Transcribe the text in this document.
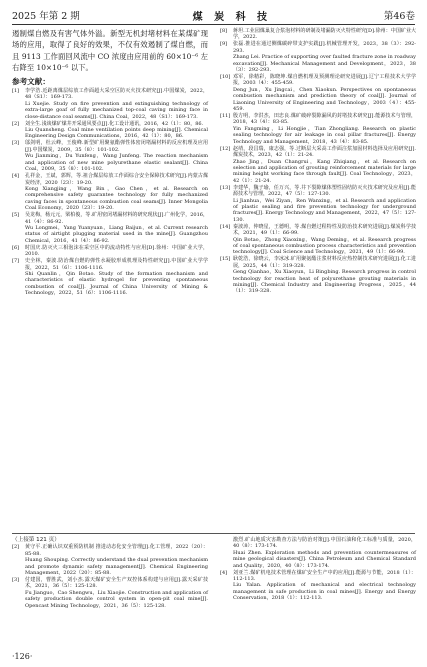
2025 年第 2 期	煤 炭 科 技	第46卷

遏制煤自燃及有害气体外溢。新型无机封堵材料在某煤矿现场的应用，取得了良好的效果，不仅有效遏制了煤自燃，而且 9113 工作面回风流中 CO 浓度由应用前的 60×10⁻⁶ 左右降至 10×10⁻⁶ 以下。

参考文献：
[1]	李学浩.近距离煤层综放工作面超大采空区防灭火技术研究[J].中国煤炭，2022，48（S1）：169-173.
Li Xuejie. Study on fire prevention and extinguishing technology of extra-large goaf of fully mechanized top-coal caving mining face in close-distance coal seams[J]. China Coal，2022，48（S1）：169-173.
[2]	刘全生.浅谈煤矿煤井开采通风要点[J].化工设计通讯，2016，42（1）：80，86.
Liu Quansheng. Coal mine ventilation points deep mining[J]. Chemical Engineering Design Communications，2016，42（1）：80，86.
[3]	邬剑明，杜云峰，王俊峰.新型矿用聚氨酯弹性体密闭堵漏材料的反应机理及应用[J].中国煤炭，2009，35（8）：101-102.
Wu Jianming，Du Yunfeng，Wang Junfeng. The reaction mechanism and application of new mine polyurethane elastic sealant[J]. China Coal，2009，35（8）：101-102.
[4]	孔祥金，王斌，郭辉，等.祖合煤层综放工作面综合安全保障技术研究[J].内蒙古煤炭经济，2020（23）：19-20.
Kong Xiangjing，Wang Bin，Gao Chen，et al. Research on comprehensive safety guarantee technology for fully mechanized caving faces in spontaneous combustion coal seams[J]. Inner Mongolia Coal Economy，2020（23）：19-20.
[5]	吴龙梅，杨元元，梁柏俊，等.矿用密闭堵漏材料的研究现状[J].广州化学，2016，41（4）：86-92.
Wu Longmei，Yang Yuanyuan，Liang Baijun，et al. Current research status of airtight plugging material used in the mine[J]. Guangzhou Chemical，2016，41（4）：86-92.
[6]	时国庆.防灭火三相泡沫在采空区中的流动特性与应用[D].徐州：中国矿业大学，2010.
[7]	史全林，秦波.防治煤自燃的弹性水凝胶形成机理及特性研究[J].中国矿业大学学报，2022，51（6）：1106-1116.
Shi Quanlin，Qin Botao. Study of the formation mechanism and characteristics of elastic hydrogel for preventing spontaneous combustion of coal[J]. Journal of China University of Mining & Technology，2022，51（6）：1106-1116.
[8]	蒋坦.工业园煤巢复合浆泡材料的研制及堵漏防灭火特性研究[D].徐州：中国矿业大学，2022.
[9]	张磊.推进在通过侧煤碳碎带支护实践[J].机械管理开发，2023，38（3）：292-293.
Zhang Lei. Practice of supporting over faulted fracture zone in roadway excavation[J]. Mechanical Management and Development，2023，38（3）：292-293.
[10] 邓军，徐精彩，陈晓坤.煤自燃机理及预测理论研究进展[J].辽宁工程技术大学学报，2003（4）：455-459.
Deng Jun，Xu Jingcai，Chen Xiaokun. Perspectives on spontaneous combustion mechanism and prediction theory of coal[J]. Journal of Liaoning University of Engineering and Technology，2003（4）：455-459.
[11] 殷方明，李洪杰，田忠良.煤矿破碎裂隙漏风的封堵技术研究[J].能源技术与管理，2018，43（4）：83-85.
Yin Fangming，Li Hongjie，Tian Zhongliang. Research on plastic sealing technology for air leakage in coal pillar fractures[J]. Energy Technology and Management，2018，43（4）：83-85.
[12] 赵靖，段昌瑞，康志强，等.过断层大采高工作面注浆加固材料选择及应用研究[J].煤炭技术，2023，42（1）：21-24.
Zhao Jing，Duan Changrui，Kang Zhiqiang，et al. Research on selection and application of grouting reinforcement materials for large mining height working face through fault[J]. Coal Technology，2023，42（1）：21-24.
[13] 李建华，魏子瑜，任万兴，等.井下裂隙煤体塑性固结防灭火技术研究及应用[J].能源技术与管理，2022，47（5）：127-130.
Li Jianhua，Wei Ziyan，Ren Wanxing，et al. Research and application of plastic sealing and fire prevention technology for underground fractures[J]. Energy Technology and Management，2022，47（5）：127-130.
[14] 秦波涛，仲晓星，王德明，等.煤自燃过程特性及防治技术研究进展[J].煤炭科学技术，2021，49（1）：66-99.
Qin Botao，Zhong Xiaoxing，Wang Deming，et al. Research progress of coal spontaneous combustion process characteristics and prevention technology[J]. Coal Science and Technology，2021，49（1）：66-99.
[15] 耿乾浩，徐晓云，李冰冰.矿用聚氨酯注浆材料反应热控制技术研究进展[J].化工进展，2025，44（1）：319-328.
Geng Qianhao，Xu Xiaoyun，Li Bingbing. Research progress in control technology for reaction heat of polyurethane grouting materials in mining[J]. Chemical Industry and Engineering Progress，2025，44（1）：319-328.
（上接第 121 页）
[2]	黄守平.正确认识双重预防机制 推进动态化安全管理[J].化工管理，2022（20）：85-88.
Huang Shouping. Correctly understand the dual prevention mechanism and promote dynamic safety management[J]. Chemical Engineering Management，2022（20）：85-88.
[3]	付建国，曹胜武，刘小杰.露天煤矿安全生产双控体系构建与应用[J].露天采矿技术，2021，36（5）：125-128.
Fu Jianguo，Cao Shengwu，Liu Xiaojie. Construction and application of safety production double control system in open-pit coal mine[J]. Opencast Mining Technology，2021，36（5）：125-128.
激烈.矿山地质灾害勘查方法与防治对策[J].中国石油和化工标准与质量，2020，40（8）：173-174.
Huai Zhen. Exploration methods and prevention countermeasures of mine geological disasters[J]. China Petroleum and Chemical Standard and Quality，2020，40（8）：173-174.
[4]	刘亚兰.煤矿机电技术管理在煤矿安全生产中的应用[J].能源与节能，2018（1）：112-113.
Liu Yalan. Application of mechanical and electrical technology management in safe production in coal mines[J]. Energy and Energy Conservation，2018（1）：112-113.
·126·
